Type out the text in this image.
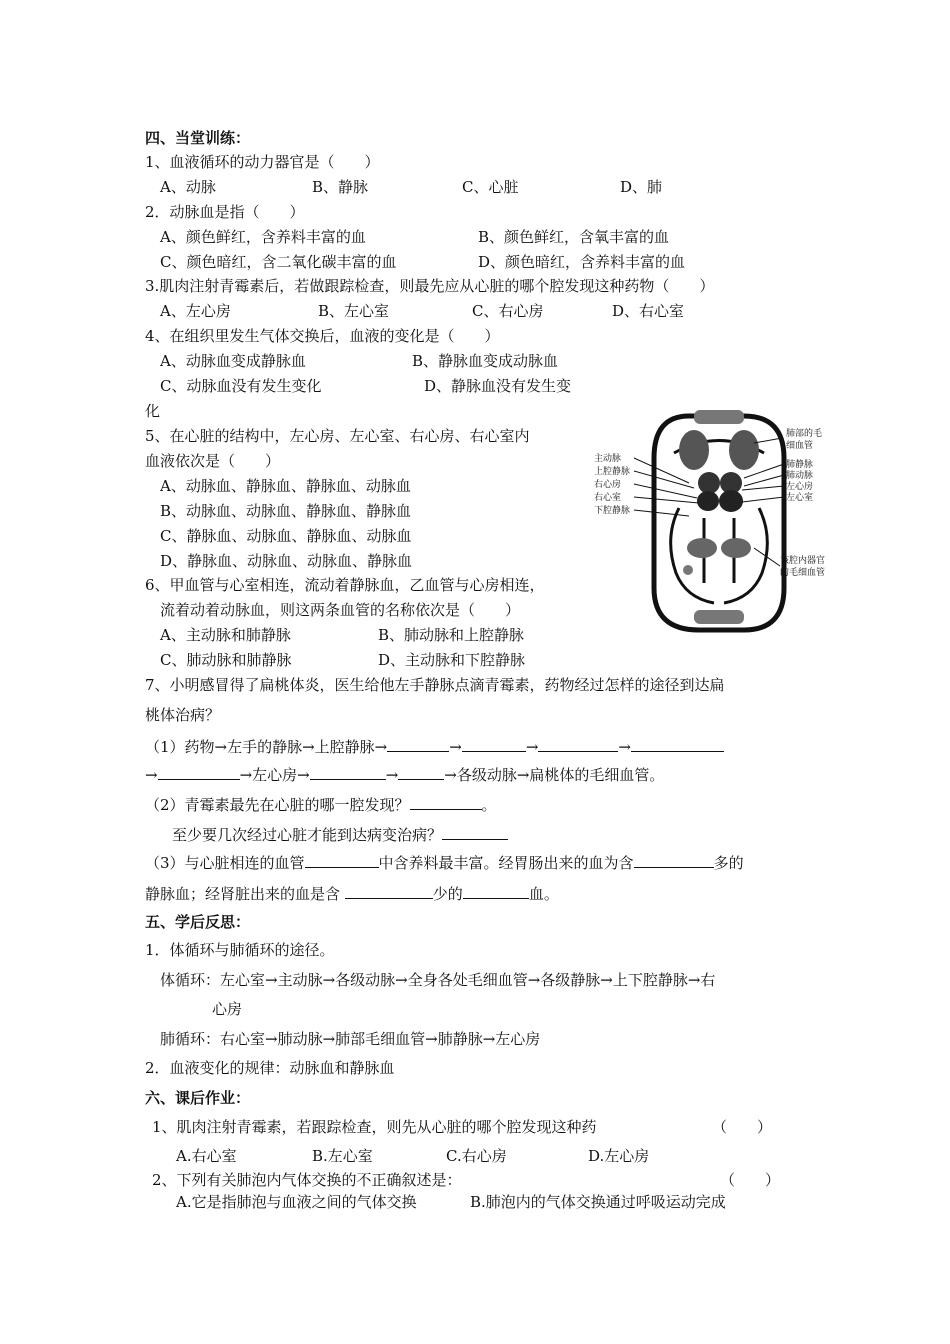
四、当堂训练：
1、血液循环的动力器官是（　　）
A、动脉	B、静脉	C、心脏	D、肺
2．动脉血是指（　　）
A、颜色鲜红，含养料丰富的血	B、颜色鲜红，含氧丰富的血
C、颜色暗红，含二氧化碳丰富的血	D、颜色暗红，含养料丰富的血
3.肌肉注射青霉素后，若做跟踪检查，则最先应从心脏的哪个腔发现这种药物（　　）
A、左心房	B、左心室	C、右心房	D、右心室
4、在组织里发生气体交换后，血液的变化是（　　）
A、动脉血变成静脉血	B、静脉血变成动脉血
C、动脉血没有发生变化	D、静脉血没有发生变
化
5、在心脏的结构中，左心房、左心室、右心房、右心室内
血液依次是（　　）
A、动脉血、静脉血、静脉血、动脉血
B、动脉血、动脉血、静脉血、静脉血
C、静脉血、动脉血、静脉血、动脉血
D、静脉血、动脉血、动脉血、静脉血
6、甲血管与心室相连，流动着静脉血，乙血管与心房相连，
流着动着动脉血，则这两条血管的名称依次是（　　）
A、主动脉和肺静脉	B、肺动脉和上腔静脉
C、肺动脉和肺静脉	D、主动脉和下腔静脉
7、小明感冒得了扁桃体炎，医生给他左手静脉点滴青霉素，药物经过怎样的途径到达扁
桃体治病？
（1）药物→左手的静脉→上腔静脉→	→	→	→
→	→左心房→	→	→各级动脉→扁桃体的毛细血管。
（2）青霉素最先在心脏的哪一腔发现？	。
至少要几次经过心脏才能到达病变治病？
（3）与心脏相连的血管	中含养料最丰富。经胃肠出来的血为含	多的
静脉血；经肾脏出来的血是含	少的	血。
五、学后反思：
1．体循环与肺循环的途径。
体循环：左心室→主动脉→各级动脉→全身各处毛细血管→各级静脉→上下腔静脉→右
心房
肺循环：右心室→肺动脉→肺部毛细血管→肺静脉→左心房
2．血液变化的规律：动脉血和静脉血
六、课后作业：
1、肌肉注射青霉素，若跟踪检查，则先从心脏的哪个腔发现这种药	（　　）
A.右心室	B.左心室	C.右心房	D.左心房
2、下列有关肺泡内气体交换的不正确叙述是：	（　　）
A.它是指肺泡与血液之间的气体交换	B.肺泡内的气体交换通过呼吸运动完成
主动脉
上腔静脉
右心房
右心室
下腔静脉
肺部的毛
细血管
肺静脉
肺动脉
左心房
左心室
该腔内器官
的毛细血管
